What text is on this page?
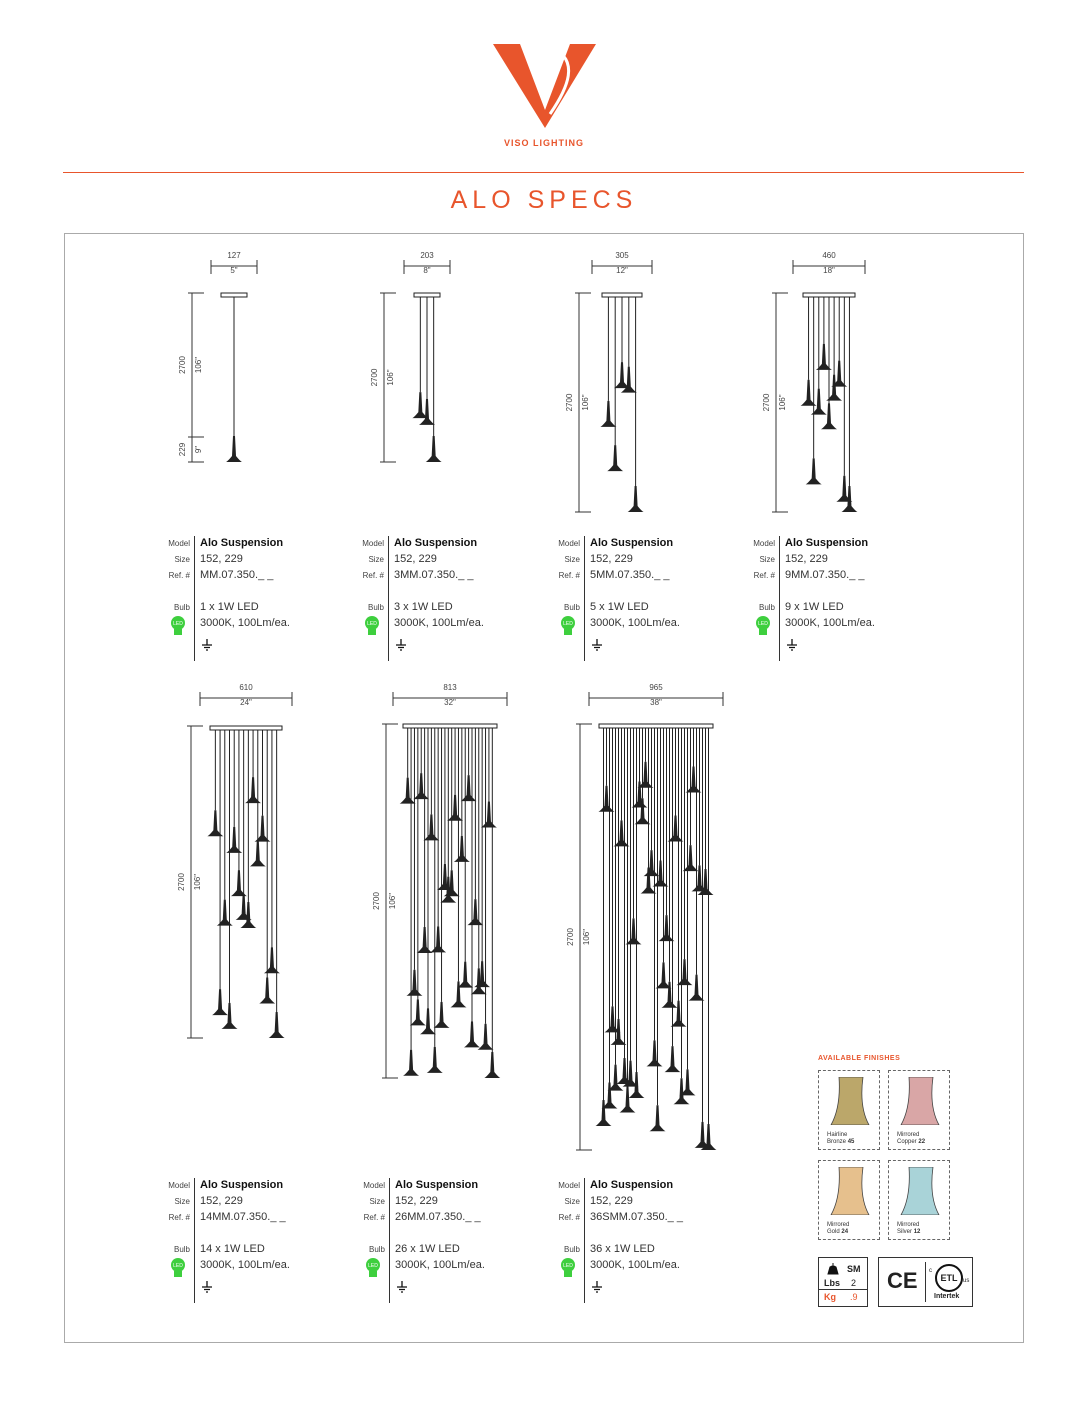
VISO LIGHTING
ALO SPECS
127
5"
2700 106"
229 9"
203
8"
2700 106"
305
12"
2700 106"
460
18"
2700 106"
610
24"
2700 106"
813
32"
2700 106"
965
38"
2700 106"
Model
Size
Ref. #
Bulb
Alo Suspension
152, 229
MM.07.350._ _
1 x 1W LED
3000K, 100Lm/ea.
LED
Model
Size
Ref. #
Bulb
Alo Suspension
152, 229
3MM.07.350._ _
3 x 1W LED
3000K, 100Lm/ea.
LED
Model
Size
Ref. #
Bulb
Alo Suspension
152, 229
5MM.07.350._ _
5 x 1W LED
3000K, 100Lm/ea.
LED
Model
Size
Ref. #
Bulb
Alo Suspension
152, 229
9MM.07.350._ _
9 x 1W LED
3000K, 100Lm/ea.
LED
Model
Size
Ref. #
Bulb
Alo Suspension
152, 229
14MM.07.350._ _
14 x 1W LED
3000K, 100Lm/ea.
LED
Model
Size
Ref. #
Bulb
Alo Suspension
152, 229
26MM.07.350._ _
26 x 1W LED
3000K, 100Lm/ea.
LED
Model
Size
Ref. #
Bulb
Alo Suspension
152, 229
36SMM.07.350._ _
36 x 1W LED
3000K, 100Lm/ea.
LED
AVAILABLE FINISHES
Hairline
Bronze 45
Mirrored
Copper 22
Mirrored
Gold 24
Mirrored
Silver 12
SM
Lbs 2
Kg .9
CE	ETL
c
us
Intertek
